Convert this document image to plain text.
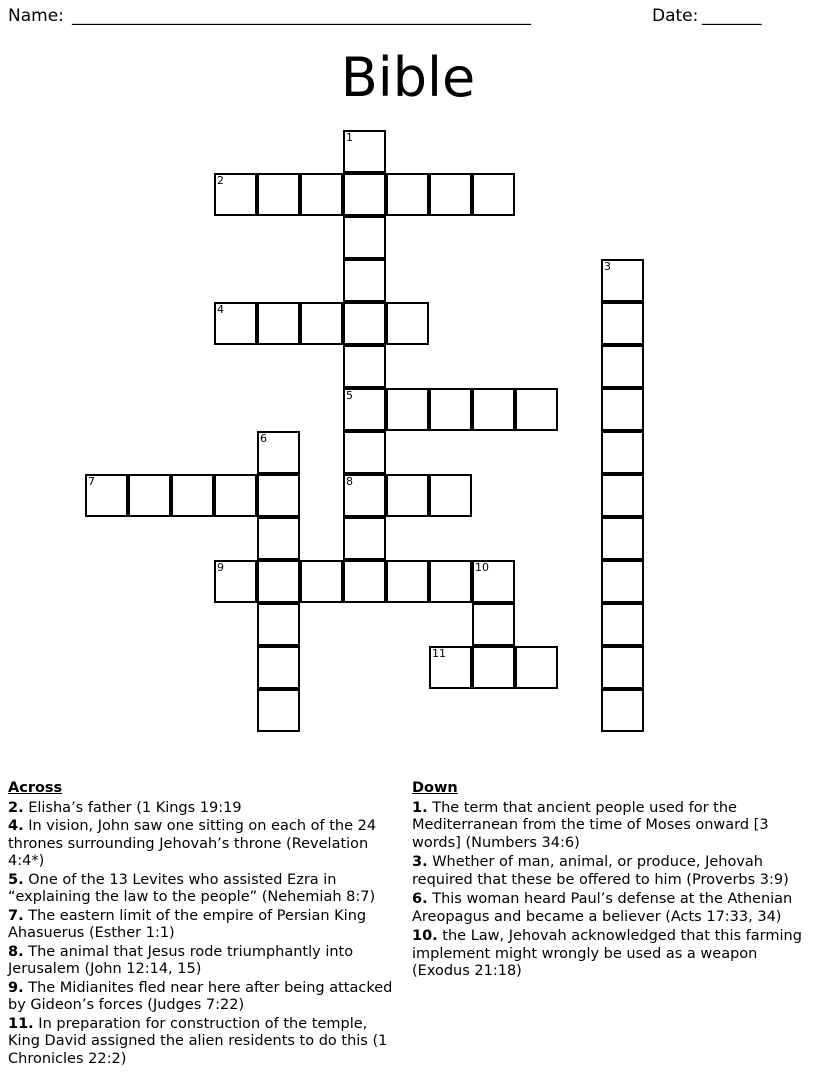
Name: ______________________________________________________	Date: _______
Bible
1
5
8
2
3
4
6
7
9	10
11
Across
2. Elisha’s father (1 Kings 19:19
4. In vision, John saw one sitting on each of the 24 thrones surrounding Jehovah’s throne (Revelation 4:4*)
5. One of the 13 Levites who assisted Ezra in “explaining the law to the people” (Nehemiah 8:7)
7. The eastern limit of the empire of Persian King Ahasuerus (Esther 1:1)
8. The animal that Jesus rode triumphantly into Jerusalem (John 12:14, 15)
9. The Midianites fled near here after being attacked by Gideon’s forces (Judges 7:22)
11. In preparation for construction of the temple, King David assigned the alien residents to do this (1 Chronicles 22:2)
Down
1. The term that ancient people used for the Mediterranean from the time of Moses onward [3 words] (Numbers 34:6)
3. Whether of man, animal, or produce, Jehovah required that these be offered to him (Proverbs 3:9)
6. This woman heard Paul’s defense at the Athenian Areopagus and became a believer (Acts 17:33, 34)
10. the Law, Jehovah acknowledged that this farming implement might wrongly be used as a weapon (Exodus 21:18)
